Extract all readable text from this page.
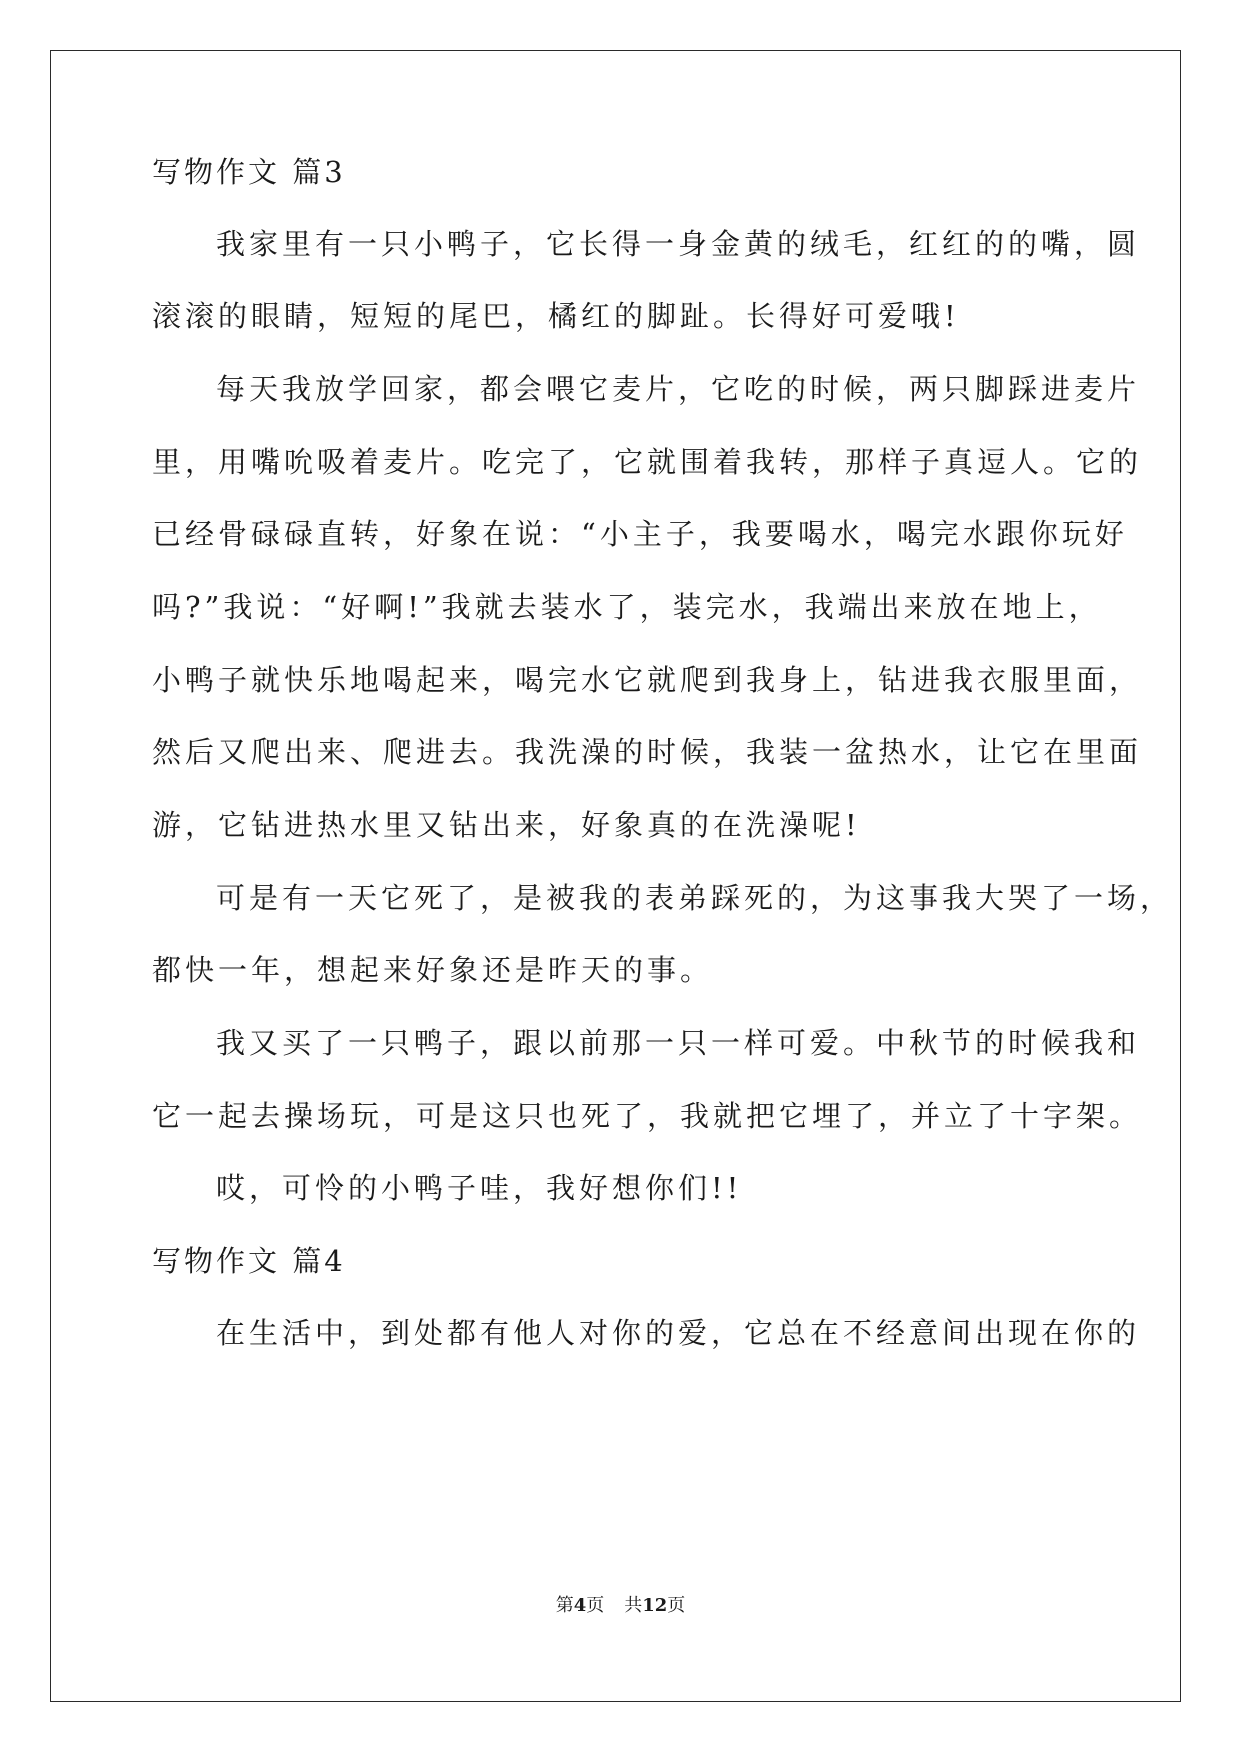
写物作文 篇3
我家里有一只小鸭子，它长得一身金黄的绒毛，红红的的嘴，圆
滚滚的眼睛，短短的尾巴，橘红的脚趾。长得好可爱哦!
每天我放学回家，都会喂它麦片，它吃的时候，两只脚踩进麦片
里，用嘴吮吸着麦片。吃完了，它就围着我转，那样子真逗人。它的
已经骨碌碌直转，好象在说：“小主子，我要喝水，喝完水跟你玩好
吗?”我说：“好啊!”我就去装水了，装完水，我端出来放在地上，
小鸭子就快乐地喝起来，喝完水它就爬到我身上，钻进我衣服里面，
然后又爬出来、爬进去。我洗澡的时候，我装一盆热水，让它在里面
游，它钻进热水里又钻出来，好象真的在洗澡呢!
可是有一天它死了，是被我的表弟踩死的，为这事我大哭了一场，
都快一年，想起来好象还是昨天的事。
我又买了一只鸭子，跟以前那一只一样可爱。中秋节的时候我和
它一起去操场玩，可是这只也死了，我就把它埋了，并立了十字架。
哎，可怜的小鸭子哇，我好想你们!!
写物作文 篇4
在生活中，到处都有他人对你的爱，它总在不经意间出现在你的
第4页 共12页
